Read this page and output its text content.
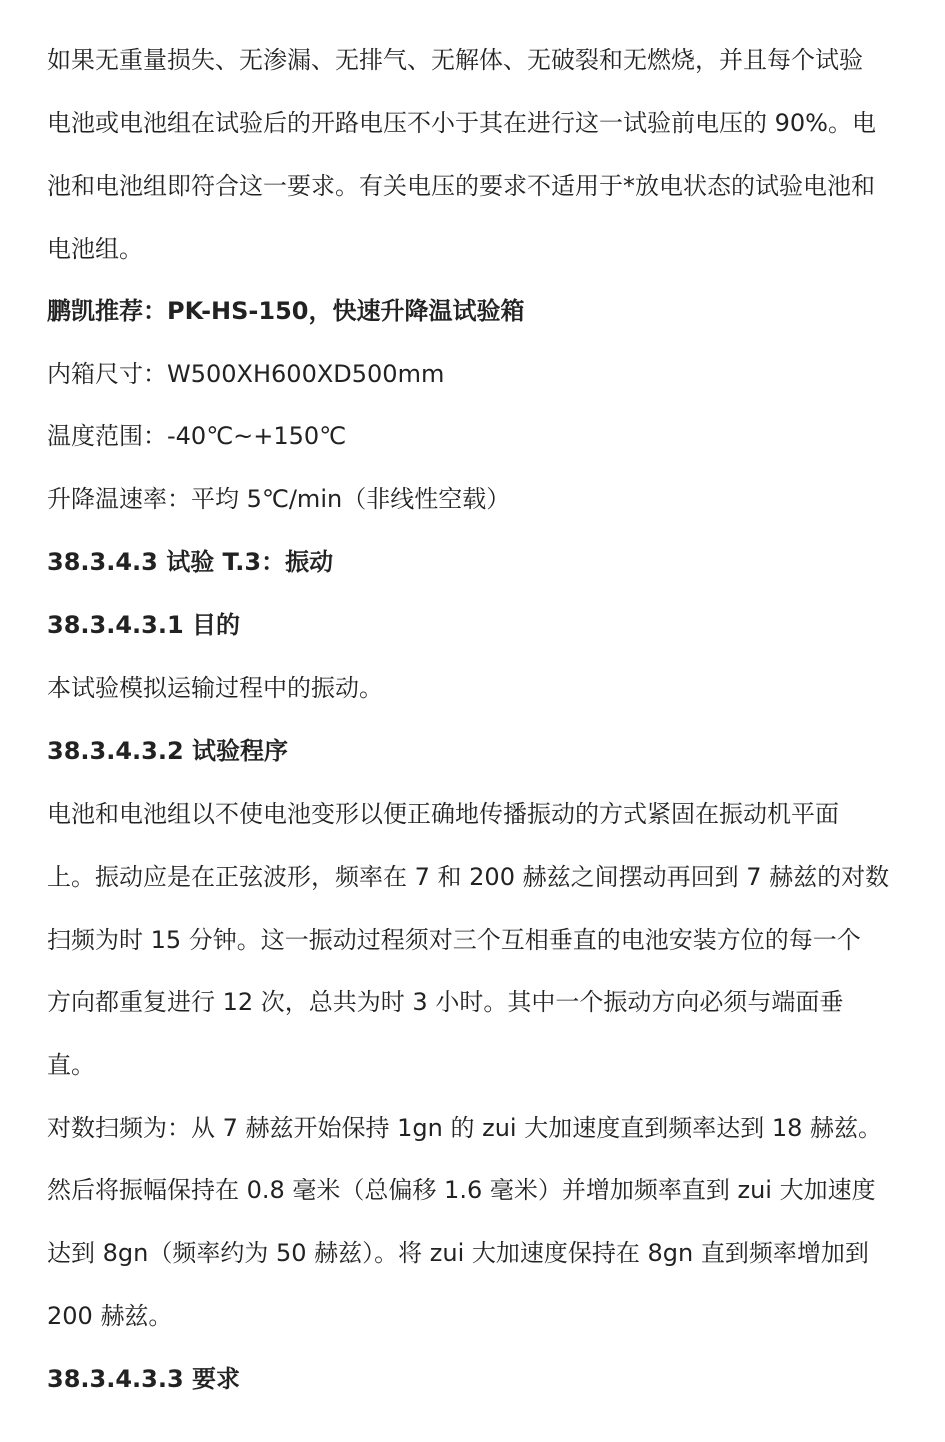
如果无重量损失、无渗漏、无排气、无解体、无破裂和无燃烧，并且每个试验
电池或电池组在试验后的开路电压不小于其在进行这一试验前电压的 90%。电
池和电池组即符合这一要求。有关电压的要求不适用于*放电状态的试验电池和
电池组。
鹏凯推荐：PK-HS-150，快速升降温试验箱
内箱尺寸：W500XH600XD500mm
温度范围：-40℃~+150℃
升降温速率：平均 5℃/min（非线性空载）
38.3.4.3 试验 T.3：振动
38.3.4.3.1 目的
本试验模拟运输过程中的振动。
38.3.4.3.2 试验程序
电池和电池组以不使电池变形以便正确地传播振动的方式紧固在振动机平面
上。振动应是在正弦波形，频率在 7 和 200 赫兹之间摆动再回到 7 赫兹的对数
扫频为时 15 分钟。这一振动过程须对三个互相垂直的电池安装方位的每一个
方向都重复进行 12 次，总共为时 3 小时。其中一个振动方向必须与端面垂
直。
对数扫频为：从 7 赫兹开始保持 1gn 的 zui 大加速度直到频率达到 18 赫兹。
然后将振幅保持在 0.8 毫米（总偏移 1.6 毫米）并增加频率直到 zui 大加速度
达到 8gn（频率约为 50 赫兹）。将 zui 大加速度保持在 8gn 直到频率增加到
200 赫兹。
38.3.4.3.3 要求
